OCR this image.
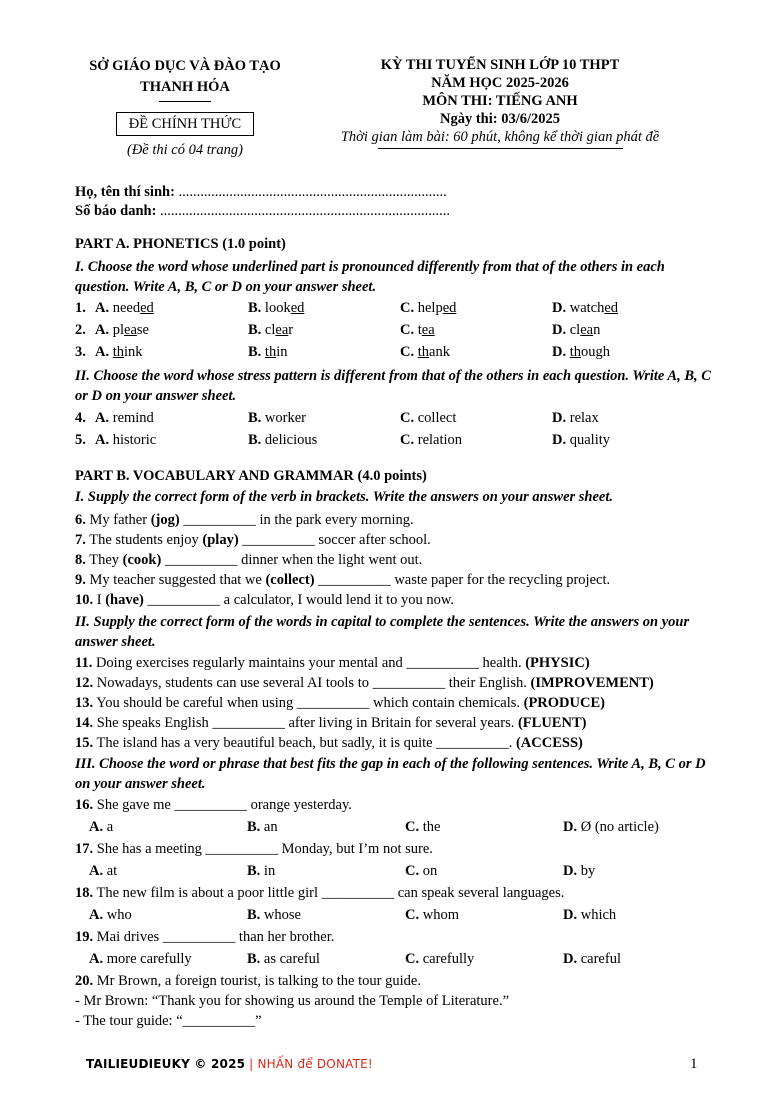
SỞ GIÁO DỤC VÀ ĐÀO TẠO
THANH HÓA
ĐỀ CHÍNH THỨC
(Đề thi có 04 trang)
KỲ THI TUYỂN SINH LỚP 10 THPT
NĂM HỌC 2025-2026
MÔN THI: TIẾNG ANH
Ngày thi: 03/6/2025
Thời gian làm bài: 60 phút, không kể thời gian phát đề
Họ, tên thí sinh: ..........................................................................
Số báo danh: ................................................................................
PART A. PHONETICS (1.0 point)
I. Choose the word whose underlined part is pronounced differently from that of the others in each question. Write A, B, C or D on your answer sheet.
1. A. needed	B. looked	C. helped	D. watched
2. A. please	B. clear	C. tea	D. clean
3. A. think	B. thin	C. thank	D. though
II. Choose the word whose stress pattern is different from that of the others in each question. Write A, B, C or D on your answer sheet.
4. A. remind	B. worker	C. collect	D. relax
5. A. historic	B. delicious	C. relation	D. quality
PART B. VOCABULARY AND GRAMMAR (4.0 points)
I. Supply the correct form of the verb in brackets. Write the answers on your answer sheet.
6. My father (jog) __________ in the park every morning.
7. The students enjoy (play) __________ soccer after school.
8. They (cook) __________ dinner when the light went out.
9. My teacher suggested that we (collect) __________ waste paper for the recycling project.
10. I (have) __________ a calculator, I would lend it to you now.
II. Supply the correct form of the words in capital to complete the sentences. Write the answers on your answer sheet.
11. Doing exercises regularly maintains your mental and __________ health. (PHYSIC)
12. Nowadays, students can use several AI tools to __________ their English. (IMPROVEMENT)
13. You should be careful when using __________ which contain chemicals. (PRODUCE)
14. She speaks English __________ after living in Britain for several years. (FLUENT)
15. The island has a very beautiful beach, but sadly, it is quite __________. (ACCESS)
III. Choose the word or phrase that best fits the gap in each of the following sentences. Write A, B, C or D on your answer sheet.
16. She gave me __________ orange yesterday.
A. a	B. an	C. the	D. Ø (no article)
17. She has a meeting __________ Monday, but I’m not sure.
A. at	B. in	C. on	D. by
18. The new film is about a poor little girl __________ can speak several languages.
A. who	B. whose	C. whom	D. which
19. Mai drives __________ than her brother.
A. more carefully	B. as careful	C. carefully	D. careful
20. Mr Brown, a foreign tourist, is talking to the tour guide.
- Mr Brown: “Thank you for showing us around the Temple of Literature.”
- The tour guide: “__________”
TAILIEUDIEUKY © 2025 | NHẤN để DONATE!	1
